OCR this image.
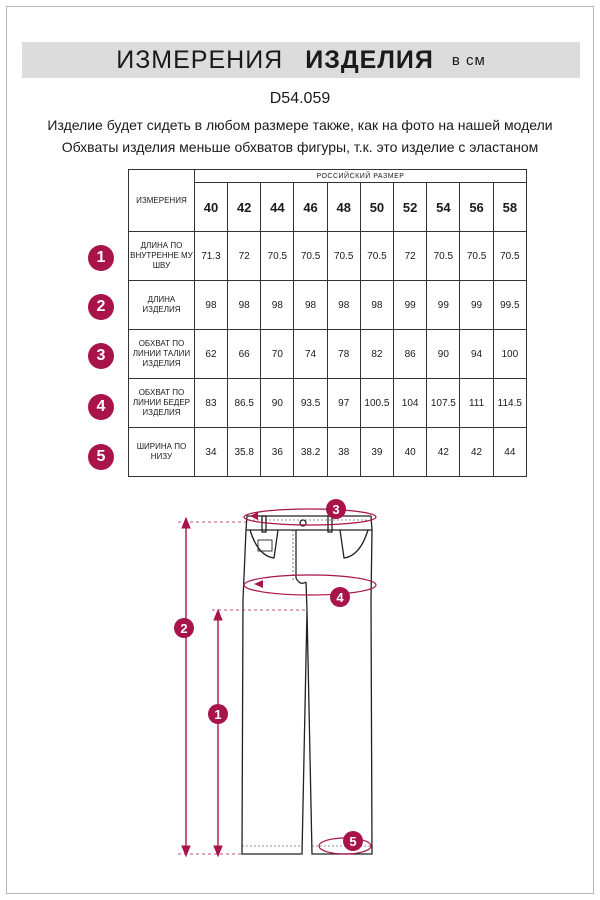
ИЗМЕРЕНИЯ ИЗДЕЛИЯ в см
D54.059
Изделие будет сидеть в любом размере также, как на фото на нашей модели
Обхваты изделия меньше обхватов фигуры, т.к. это изделие с эластаном
1
2
3
4
5
ИЗМЕРЕНИЯ	РОССИЙСКИЙ РАЗМЕР									
	40	42	44	46	48	50	52	54	56	58
ДЛИНА ПО ВНУТРЕННЕ МУ ШВУ	71.3	72	70.5	70.5	70.5	70.5	72	70.5	70.5	70.5
ДЛИНА ИЗДЕЛИЯ	98	98	98	98	98	98	99	99	99	99.5
ОБХВАТ ПО ЛИНИИ ТАЛИИ ИЗДЕЛИЯ	62	66	70	74	78	82	86	90	94	100
ОБХВАТ ПО ЛИНИИ БЕДЕР ИЗДЕЛИЯ	83	86.5	90	93.5	97	100.5	104	107.5	111	114.5
ШИРИНА ПО НИЗУ	34	35.8	36	38.2	38	39	40	42	42	44
1
2
3
4
5
